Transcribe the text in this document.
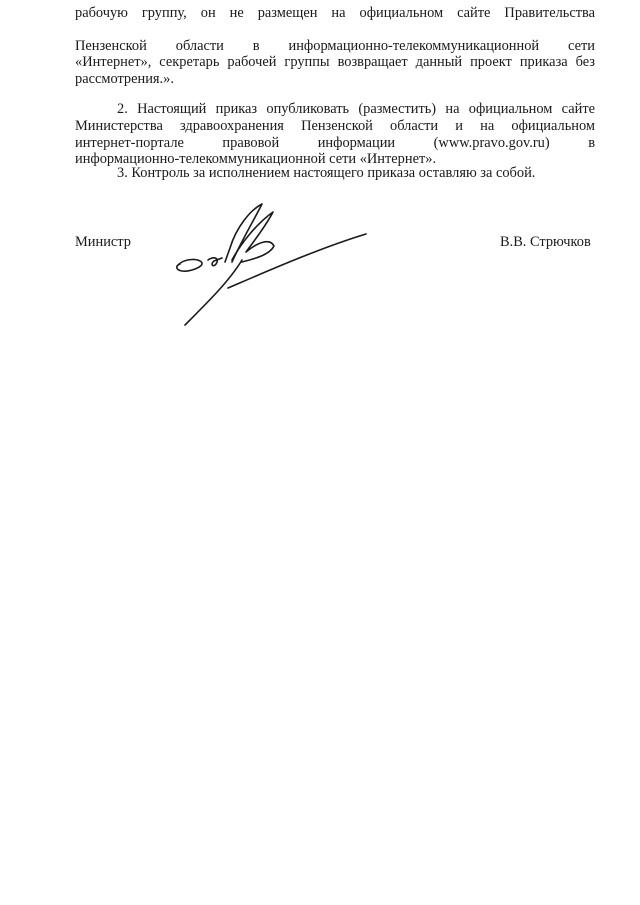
рабочую группу, он не размещен на официальном сайте Правительства
Пензенской области в информационно-телекоммуникационной сети
«Интернет», секретарь рабочей группы возвращает данный проект приказа без
рассмотрения.».
2. Настоящий приказ опубликовать (разместить) на официальном сайте
Министерства здравоохранения Пензенской области и на официальном
интернет-портале правовой информации (www.pravo.gov.ru) в
информационно-телекоммуникационной сети «Интернет».
3. Контроль за исполнением настоящего приказа оставляю за собой.
Министр	В.В. Стрючков
